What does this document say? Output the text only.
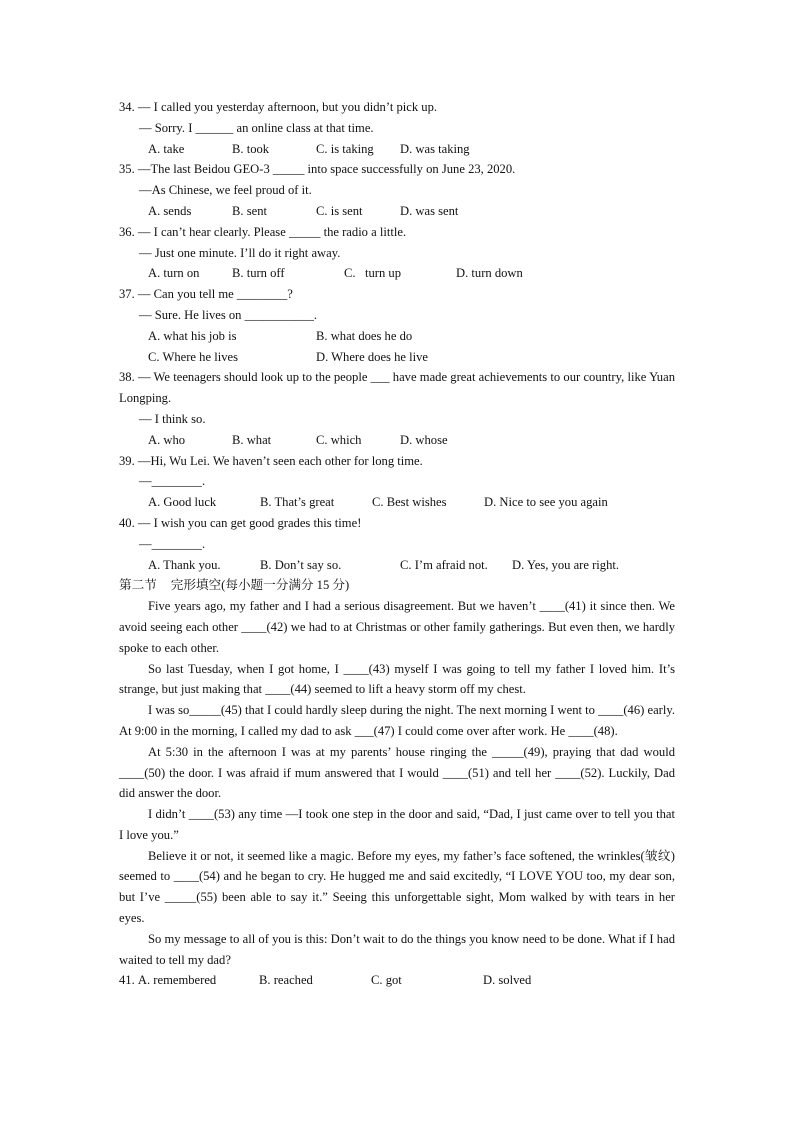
34. — I called you yesterday afternoon, but you didn’t pick up.
— Sorry. I ______ an online class at that time.
A. take	B. took	C. is taking	D. was taking
35. —The last Beidou GEO-3 _____ into space successfully on June 23, 2020.
—As Chinese, we feel proud of it.
A. sends	B. sent	C. is sent	D. was sent
36. — I can’t hear clearly. Please _____ the radio a little.
— Just one minute. I’ll do it right away.
A. turn on	B. turn off	C.   turn up	D. turn down
37. — Can you tell me ________?
— Sure. He lives on ___________.
A. what his job is	B. what does he do
C. Where he lives	D. Where does he live
38. — We teenagers should look up to the people ___ have made great achievements to our country, like Yuan Longping.
— I think so.
A. who	B. what	C. which	D. whose
39. —Hi, Wu Lei. We haven’t seen each other for long time.
—________.
A. Good luck	B. That’s great	C. Best wishes	D. Nice to see you again
40. — I wish you can get good grades this time!
—________.
A. Thank you.	B. Don’t say so.	C. I’m afraid not.	D. Yes, you are right.
第二节 完形填空(每小题一分满分 15 分)

Five years ago, my father and I had a serious disagreement. But we haven’t ____(41) it since then. We avoid seeing each other ____(42) we had to at Christmas or other family gatherings. But even then, we hardly spoke to each other.

So last Tuesday, when I got home, I ____(43) myself I was going to tell my father I loved him. It’s strange, but just making that ____(44) seemed to lift a heavy storm off my chest.

I was so_____(45) that I could hardly sleep during the night. The next morning I went to ____(46) early. At 9:00 in the morning, I called my dad to ask ___(47) I could come over after work. He ____(48).

At 5:30 in the afternoon I was at my parents’ house ringing the _____(49), praying that dad would ____(50) the door. I was afraid if mum answered that I would ____(51) and tell her ____(52). Luckily, Dad did answer the door.

I didn’t ____(53) any time —I took one step in the door and said, “Dad, I just came over to tell you that I love you.”

Believe it or not, it seemed like a magic. Before my eyes, my father’s face softened, the wrinkles(皱纹) seemed to ____(54) and he began to cry. He hugged me and said excitedly, “I LOVE YOU too, my dear son, but I’ve _____(55) been able to say it.” Seeing this unforgettable sight, Mom walked by with tears in her eyes.

So my message to all of you is this: Don’t wait to do the things you know need to be done. What if I had waited to tell my dad?

41. A. remembered	B. reached	C. got	D. solved
